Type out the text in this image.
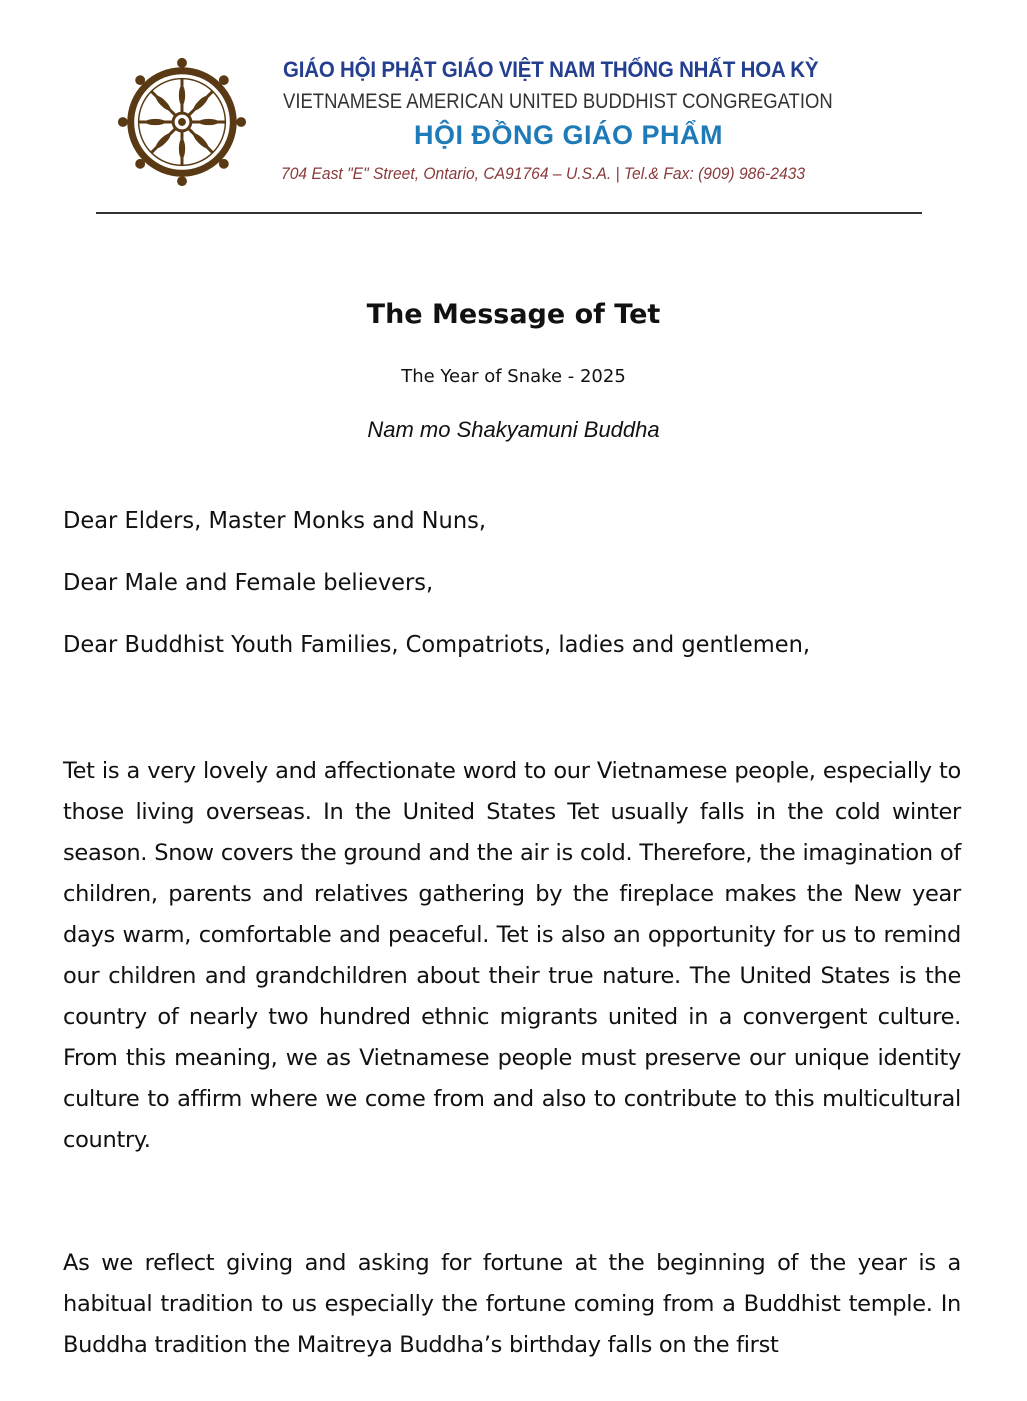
GIÁO HỘI PHẬT GIÁO VIỆT NAM THỐNG NHẤT HOA KỲ
VIETNAMESE AMERICAN UNITED BUDDHIST CONGREGATION
HỘI ĐỒNG GIÁO PHẨM
704 East "E" Street, Ontario, CA91764 – U.S.A. | Tel.& Fax: (909) 986-2433
The Message of Tet
The Year of Snake - 2025
Nam mo Shakyamuni Buddha
Dear Elders, Master Monks and Nuns,
Dear Male and Female believers,
Dear Buddhist Youth Families, Compatriots, ladies and gentlemen,

Tet is a very lovely and affectionate word to our Vietnamese people, especially to those living overseas. In the United States Tet usually falls in the cold winter season. Snow covers the ground and the air is cold. Therefore, the imagination of children, parents and relatives gathering by the fireplace makes the New year days warm, comfortable and peaceful. Tet is also an opportunity for us to remind our children and grandchildren about their true nature. The United States is the country of nearly two hundred ethnic migrants united in a convergent culture. From this meaning, we as Vietnamese people must preserve our unique identity culture to affirm where we come from and also to contribute to this multicultural country.

As we reflect giving and asking for fortune at the beginning of the year is a habitual tradition to us especially the fortune coming from a Buddhist temple. In Buddha tradition the Maitreya Buddha’s birthday falls on the first
